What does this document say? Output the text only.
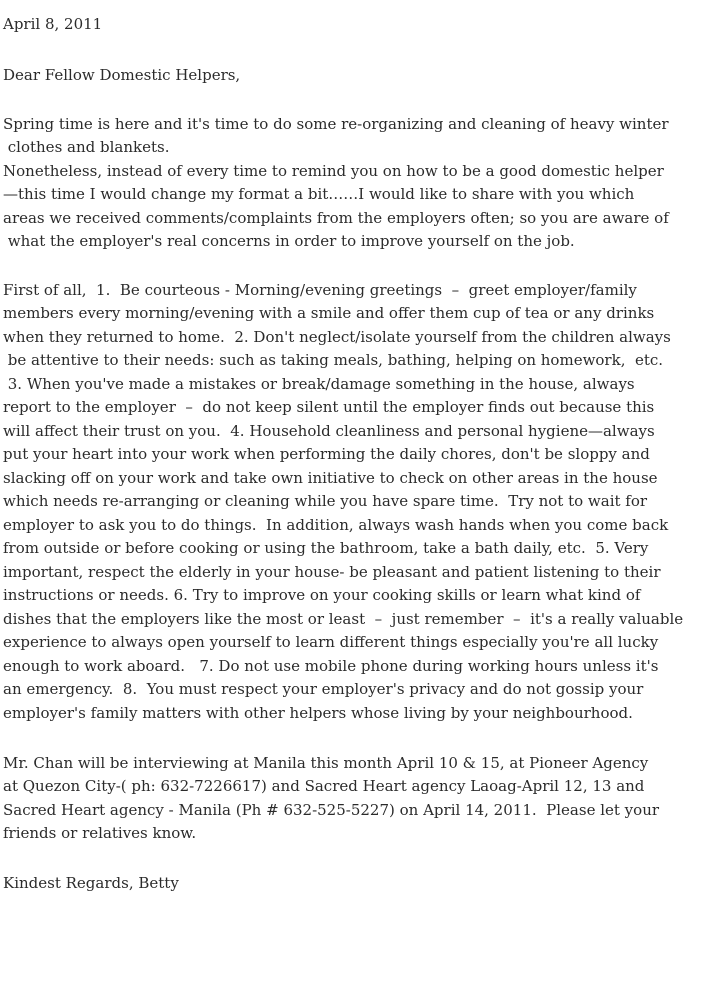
April 8, 2011
Dear Fellow Domestic Helpers,
Spring time is here and it's time to do some re-organizing and cleaning of heavy winter
clothes and blankets.
Nonetheless, instead of every time to remind you on how to be a good domestic helper
—this time I would change my format a bit……I would like to share with you which
areas we received comments/complaints from the employers often; so you are aware of
what the employer's real concerns in order to improve yourself on the job.
First of all,  1.  Be courteous - Morning/evening greetings  –  greet employer/family
members every morning/evening with a smile and offer them cup of tea or any drinks
when they returned to home.  2. Don't neglect/isolate yourself from the children always
be attentive to their needs: such as taking meals, bathing, helping on homework,  etc.
3. When you've made a mistakes or break/damage something in the house, always
report to the employer  –  do not keep silent until the employer finds out because this
will affect their trust on you.  4. Household cleanliness and personal hygiene—always
put your heart into your work when performing the daily chores, don't be sloppy and
slacking off on your work and take own initiative to check on other areas in the house
which needs re-arranging or cleaning while you have spare time.  Try not to wait for
employer to ask you to do things.  In addition, always wash hands when you come back
from outside or before cooking or using the bathroom, take a bath daily, etc.  5. Very
important, respect the elderly in your house- be pleasant and patient listening to their
instructions or needs. 6. Try to improve on your cooking skills or learn what kind of
dishes that the employers like the most or least  –  just remember  –  it's a really valuable
experience to always open yourself to learn different things especially you're all lucky
enough to work aboard.   7. Do not use mobile phone during working hours unless it's
an emergency.  8.  You must respect your employer's privacy and do not gossip your
employer's family matters with other helpers whose living by your neighbourhood.
Mr. Chan will be interviewing at Manila this month April 10 & 15, at Pioneer Agency
at Quezon City-( ph: 632-7226617) and Sacred Heart agency Laoag-April 12, 13 and
Sacred Heart agency - Manila (Ph # 632-525-5227) on April 14, 2011.  Please let your
friends or relatives know.
Kindest Regards, Betty
